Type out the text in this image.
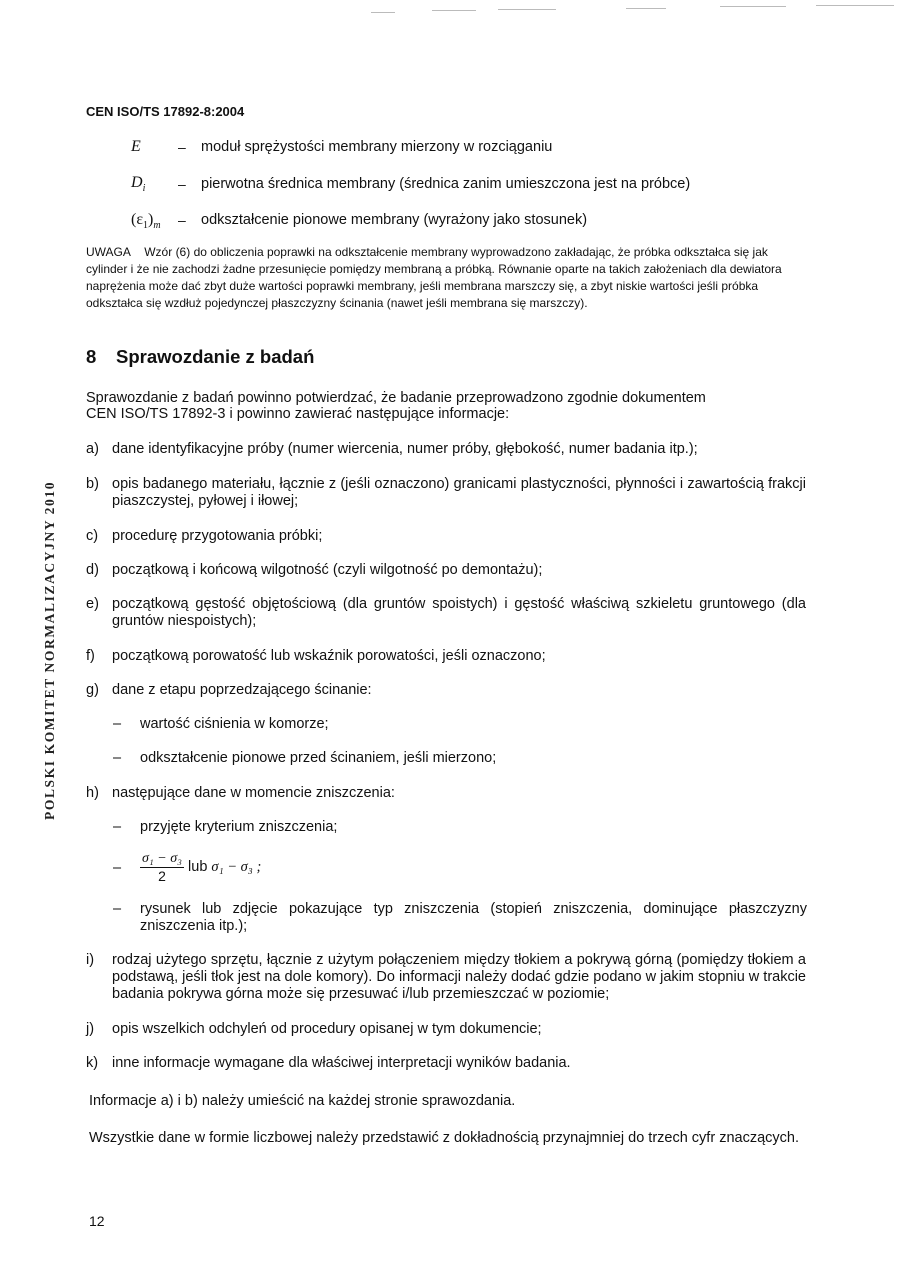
CEN ISO/TS 17892-8:2004
E	– moduł sprężystości membrany mierzony w rozciąganiu
$D_i$ – pierwotna średnica membrany (średnica zanim umieszczona jest na próbce)
$(\varepsilon_1)_m$ – odkształcenie pionowe membrany (wyrażony jako stosunek)
UWAGA Wzór (6) do obliczenia poprawki na odkształcenie membrany wyprowadzono zakładając, że próbka odkształca się jak cylinder i że nie zachodzi żadne przesunięcie pomiędzy membraną a próbką. Równanie oparte na takich założeniach dla dewiatora naprężenia może dać zbyt duże wartości poprawki membrany, jeśli membrana marszczy się, a zbyt niskie wartości jeśli próbka odkształca się wzdłuż pojedynczej płaszczyzny ścinania (nawet jeśli membrana się marszczy).
8 Sprawozdanie z badań
Sprawozdanie z badań powinno potwierdzać, że badanie przeprowadzono zgodnie dokumentem
CEN ISO/TS 17892-3 i powinno zawierać następujące informacje:
a) dane identyfikacyjne próby (numer wiercenia, numer próby, głębokość, numer badania itp.);
b) opis badanego materiału, łącznie z (jeśli oznaczono) granicami plastyczności, płynności i zawartością frakcji piaszczystej, pyłowej i iłowej;
c) procedurę przygotowania próbki;
d) początkową i końcową wilgotność (czyli wilgotność po demontażu);
e) początkową gęstość objętościową (dla gruntów spoistych) i gęstość właściwą szkieletu gruntowego (dla gruntów niespoistych);
f) początkową porowatość lub wskaźnik porowatości, jeśli oznaczono;
g) dane z etapu poprzedzającego ścinanie:
– wartość ciśnienia w komorze;
– odkształcenie pionowe przed ścinaniem, jeśli mierzono;
h) następujące dane w momencie zniszczenia:
– przyjęte kryterium zniszczenia;
– $\frac{\text{σ₁ − σ₃}}{2}$ lub σ₁ − σ₃ ;
– rysunek lub zdjęcie pokazujące typ zniszczenia (stopień zniszczenia, dominujące płaszczyzny zniszczenia itp.);
i) rodzaj użytego sprzętu, łącznie z użytym połączeniem między tłokiem a pokrywą górną (pomiędzy tłokiem a podstawą, jeśli tłok jest na dole komory). Do informacji należy dodać gdzie podano w jakim stopniu w trakcie badania pokrywa górna może się przesuwać i/lub przemieszczać w poziomie;
j) opis wszelkich odchyleń od procedury opisanej w tym dokumencie;
k) inne informacje wymagane dla właściwej interpretacji wyników badania.
Informacje a) i b) należy umieścić na każdej stronie sprawozdania.
Wszystkie dane w formie liczbowej należy przedstawić z dokładnością przynajmniej do trzech cyfr znaczących.
POLSKI KOMITET NORMALIZACYJNY 2010
12
